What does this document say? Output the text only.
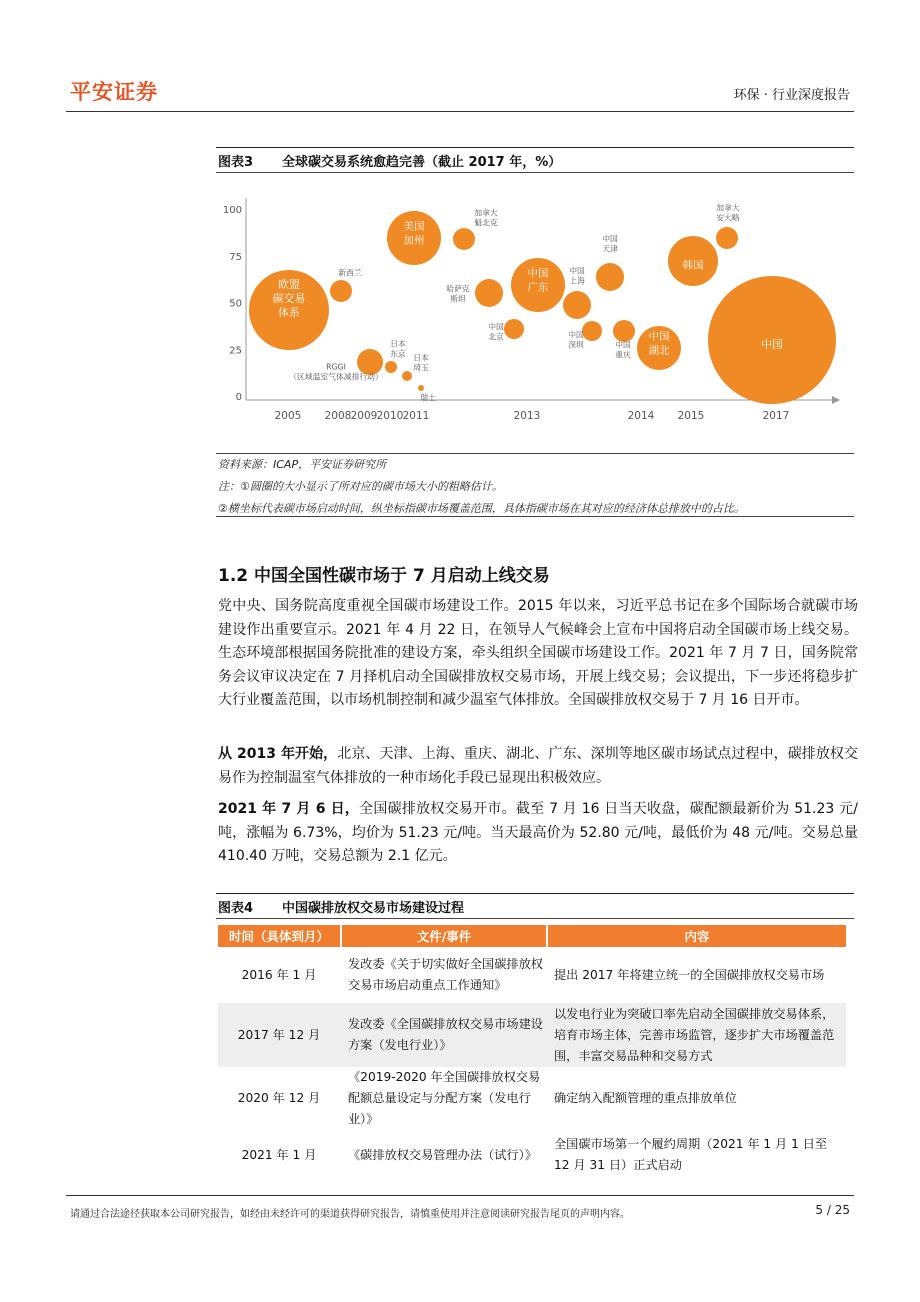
平安证券	环保 · 行业深度报告
图表3	全球碳交易系统愈趋完善（截止 2017 年，%）
100
75
50
25
0
2005 2008 2009 2010 2011	2013	2014 2015	2017
欧盟
碳交易
体系
新西兰
RGGI
（区域温室气体减排行动）
美国
加州
加拿大
魁北克
日本
东京 日本
埼玉
瑞士
哈萨克
斯坦
中国
北京
中国
广东
中国
上海
中国
深圳
中国
天津
中国
重庆
中国
湖北
韩国
加拿大
安大略
中国
资料来源：ICAP，平安证券研究所
注：①圆圈的大小显示了所对应的碳市场大小的粗略估计。
②横坐标代表碳市场启动时间，纵坐标指碳市场覆盖范围，具体指碳市场在其对应的经济体总排放中的占比。
1.2 中国全国性碳市场于 7 月启动上线交易
党中央、国务院高度重视全国碳市场建设工作。2015 年以来，习近平总书记在多个国际场合就碳市场建设作出重要宣示。2021 年 4 月 22 日，在领导人气候峰会上宣布中国将启动全国碳市场上线交易。生态环境部根据国务院批准的建设方案，牵头组织全国碳市场建设工作。2021 年 7 月 7 日，国务院常务会议审议决定在 7 月择机启动全国碳排放权交易市场，开展上线交易；会议提出，下一步还将稳步扩大行业覆盖范围，以市场机制控制和减少温室气体排放。全国碳排放权交易于 7 月 16 日开市。
从 2013 年开始，北京、天津、上海、重庆、湖北、广东、深圳等地区碳市场试点过程中，碳排放权交易作为控制温室气体排放的一种市场化手段已显现出积极效应。
2021 年 7 月 6 日，全国碳排放权交易开市。截至 7 月 16 日当天收盘，碳配额最新价为 51.23 元/吨，涨幅为 6.73%，均价为 51.23 元/吨。当天最高价为 52.80 元/吨，最低价为 48 元/吨。交易总量 410.40 万吨，交易总额为 2.1 亿元。
图表4	中国碳排放权交易市场建设过程
时间（具体到月）	文件/事件	内容
2016 年 1 月	发改委《关于切实做好全国碳排放权交易市场启动重点工作通知》	提出 2017 年将建立统一的全国碳排放权交易市场
2017 年 12 月	发改委《全国碳排放权交易市场建设方案（发电行业）》	以发电行业为突破口率先启动全国碳排放交易体系，培育市场主体，完善市场监管，逐步扩大市场覆盖范围，丰富交易品种和交易方式
2020 年 12 月	《2019-2020 年全国碳排放权交易配额总量设定与分配方案（发电行业）》	确定纳入配额管理的重点排放单位
2021 年 1 月	《碳排放权交易管理办法（试行）》	全国碳市场第一个履约周期（2021 年 1 月 1 日至 12 月 31 日）正式启动
请通过合法途径获取本公司研究报告，如经由未经许可的渠道获得研究报告，请慎重使用并注意阅读研究报告尾页的声明内容。	5 / 25
